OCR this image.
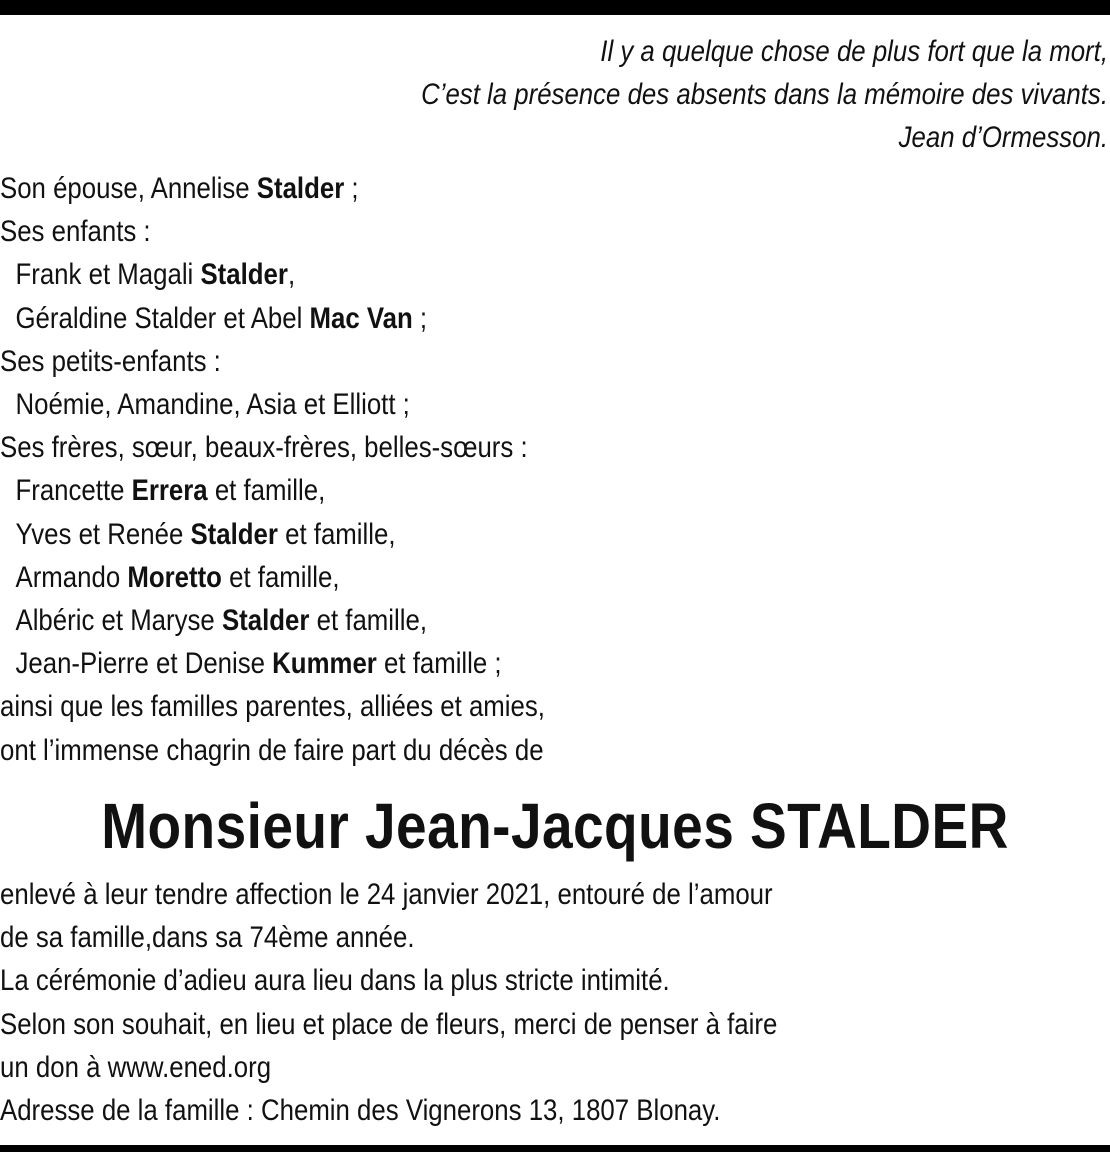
Il y a quelque chose de plus fort que la mort,
C’est la présence des absents dans la mémoire des vivants.
Jean d’Ormesson.
Son épouse, Annelise Stalder ;
Ses enfants :
Frank et Magali Stalder,
Géraldine Stalder et Abel Mac Van ;
Ses petits-enfants :
Noémie, Amandine, Asia et Elliott ;
Ses frères, sœur, beaux-frères, belles-sœurs :
Francette Errera et famille,
Yves et Renée Stalder et famille,
Armando Moretto et famille,
Albéric et Maryse Stalder et famille,
Jean-Pierre et Denise Kummer et famille ;
ainsi que les familles parentes, alliées et amies,
ont l’immense chagrin de faire part du décès de
Monsieur Jean-Jacques STALDER
enlevé à leur tendre affection le 24 janvier 2021, entouré de l’amour
de sa famille,dans sa 74ème année.
La cérémonie d’adieu aura lieu dans la plus stricte intimité.
Selon son souhait, en lieu et place de fleurs, merci de penser à faire
un don à www.ened.org
Adresse de la famille : Chemin des Vignerons 13, 1807 Blonay.
